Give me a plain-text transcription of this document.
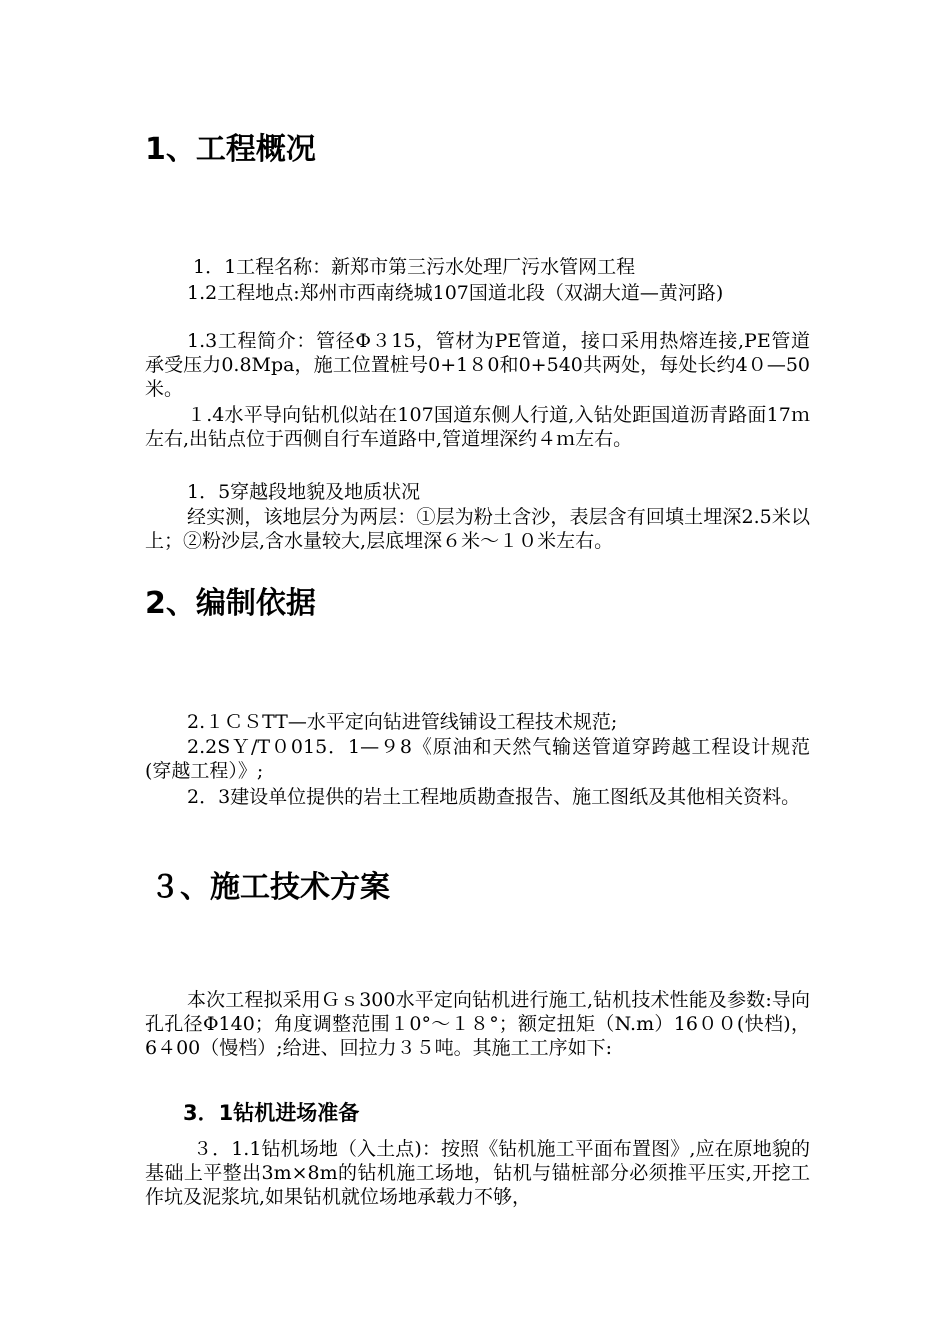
1、工程概况

1．1工程名称：新郑市第三污水处理厂污水管网工程

1.2工程地点:郑州市西南绕城107国道北段（双湖大道—黄河路)

1.3工程简介：管径Φ３15，管材为PE管道，接口采用热熔连接,PE管道承受压力0.8Mpa，施工位置桩号0+1８0和0+540共两处，每处长约4０—50米。

１.4水平导向钻机似站在107国道东侧人行道,入钻处距国道沥青路面17ｍ左右,出钻点位于西侧自行车道路中,管道埋深约４ｍ左右。

1．5穿越段地貌及地质状况

经实测，该地层分为两层：①层为粉土含沙，表层含有回填土埋深2.5米以上；②粉沙层,含水量较大,层底埋深６米～１０米左右。

2、编制依据

2.１ＣＳTT—水平定向钻进管线铺设工程技术规范;

2.2SＹ/T０015．1—９8《原油和天然气输送管道穿跨越工程设计规范(穿越工程）》;

2．3建设单位提供的岩土工程地质勘查报告、施工图纸及其他相关资料。

３、施工技术方案

本次工程拟采用Ｇｓ300水平定向钻机进行施工,钻机技术性能及参数:导向孔孔径Φ140；角度调整范围１0°～１８°；额定扭矩（N.m）16００(快档)，6４00（慢档）;给进、回拉力３５吨。其施工工序如下:

3．1钻机进场准备

３．1.1钻机场地（入土点)：按照《钻机施工平面布置图》,应在原地貌的基础上平整出3m×8m的钻机施工场地，钻机与锚桩部分必须推平压实,开挖工作坑及泥浆坑,如果钻机就位场地承载力不够，
